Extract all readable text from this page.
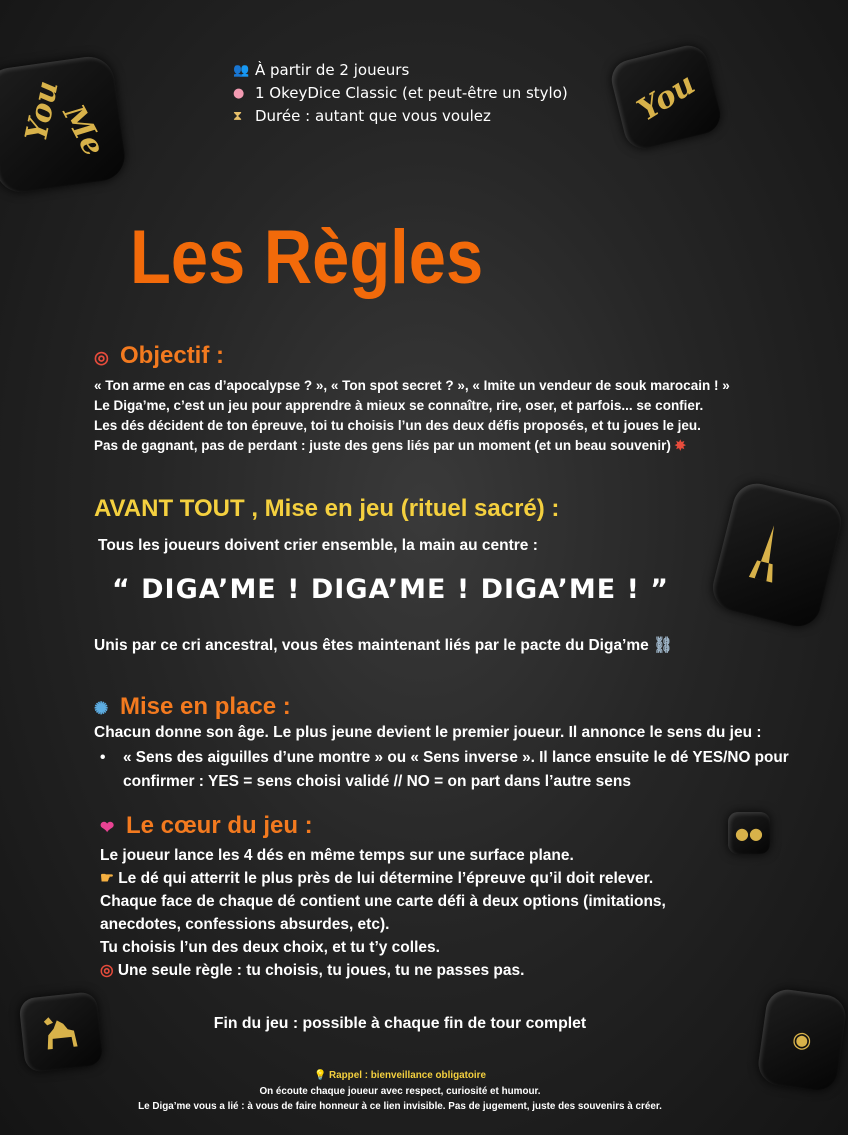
You
Me
You
●●
◉
👥 À partir de 2 joueurs
● 1 OkeyDice Classic (et peut-être un stylo)
⧗ Durée : autant que vous voulez
Les Règles
◎ Objectif :
« Ton arme en cas d’apocalypse ? », « Ton spot secret ? », « Imite un vendeur de souk marocain ! »
Le Diga’me, c’est un jeu pour apprendre à mieux se connaître, rire, oser, et parfois... se confier.
Les dés décident de ton épreuve, toi tu choisis l’un des deux défis proposés, et tu joues le jeu.
Pas de gagnant, pas de perdant : juste des gens liés par un moment (et un beau souvenir) ✸
AVANT TOUT , Mise en jeu (rituel sacré) :
Tous les joueurs doivent crier ensemble, la main au centre :
“ DIGA’ME ! DIGA’ME ! DIGA’ME ! ”
Unis par ce cri ancestral, vous êtes maintenant liés par le pacte du Diga’me ⛓
✺ Mise en place :
Chacun donne son âge. Le plus jeune devient le premier joueur. Il annonce le sens du jeu :
• « Sens des aiguilles d’une montre » ou « Sens inverse ». Il lance ensuite le dé YES/NO pour
confirmer : YES = sens choisi validé // NO = on part dans l’autre sens
❤ Le cœur du jeu :
Le joueur lance les 4 dés en même temps sur une surface plane.
☛ Le dé qui atterrit le plus près de lui détermine l’épreuve qu’il doit relever.
Chaque face de chaque dé contient une carte défi à deux options (imitations,
anecdotes, confessions absurdes, etc).
Tu choisis l’un des deux choix, et tu t’y colles.
◎ Une seule règle : tu choisis, tu joues, tu ne passes pas.
Fin du jeu : possible à chaque fin de tour complet
💡 Rappel : bienveillance obligatoire
On écoute chaque joueur avec respect, curiosité et humour.
Le Diga’me vous a lié : à vous de faire honneur à ce lien invisible. Pas de jugement, juste des souvenirs à créer.
